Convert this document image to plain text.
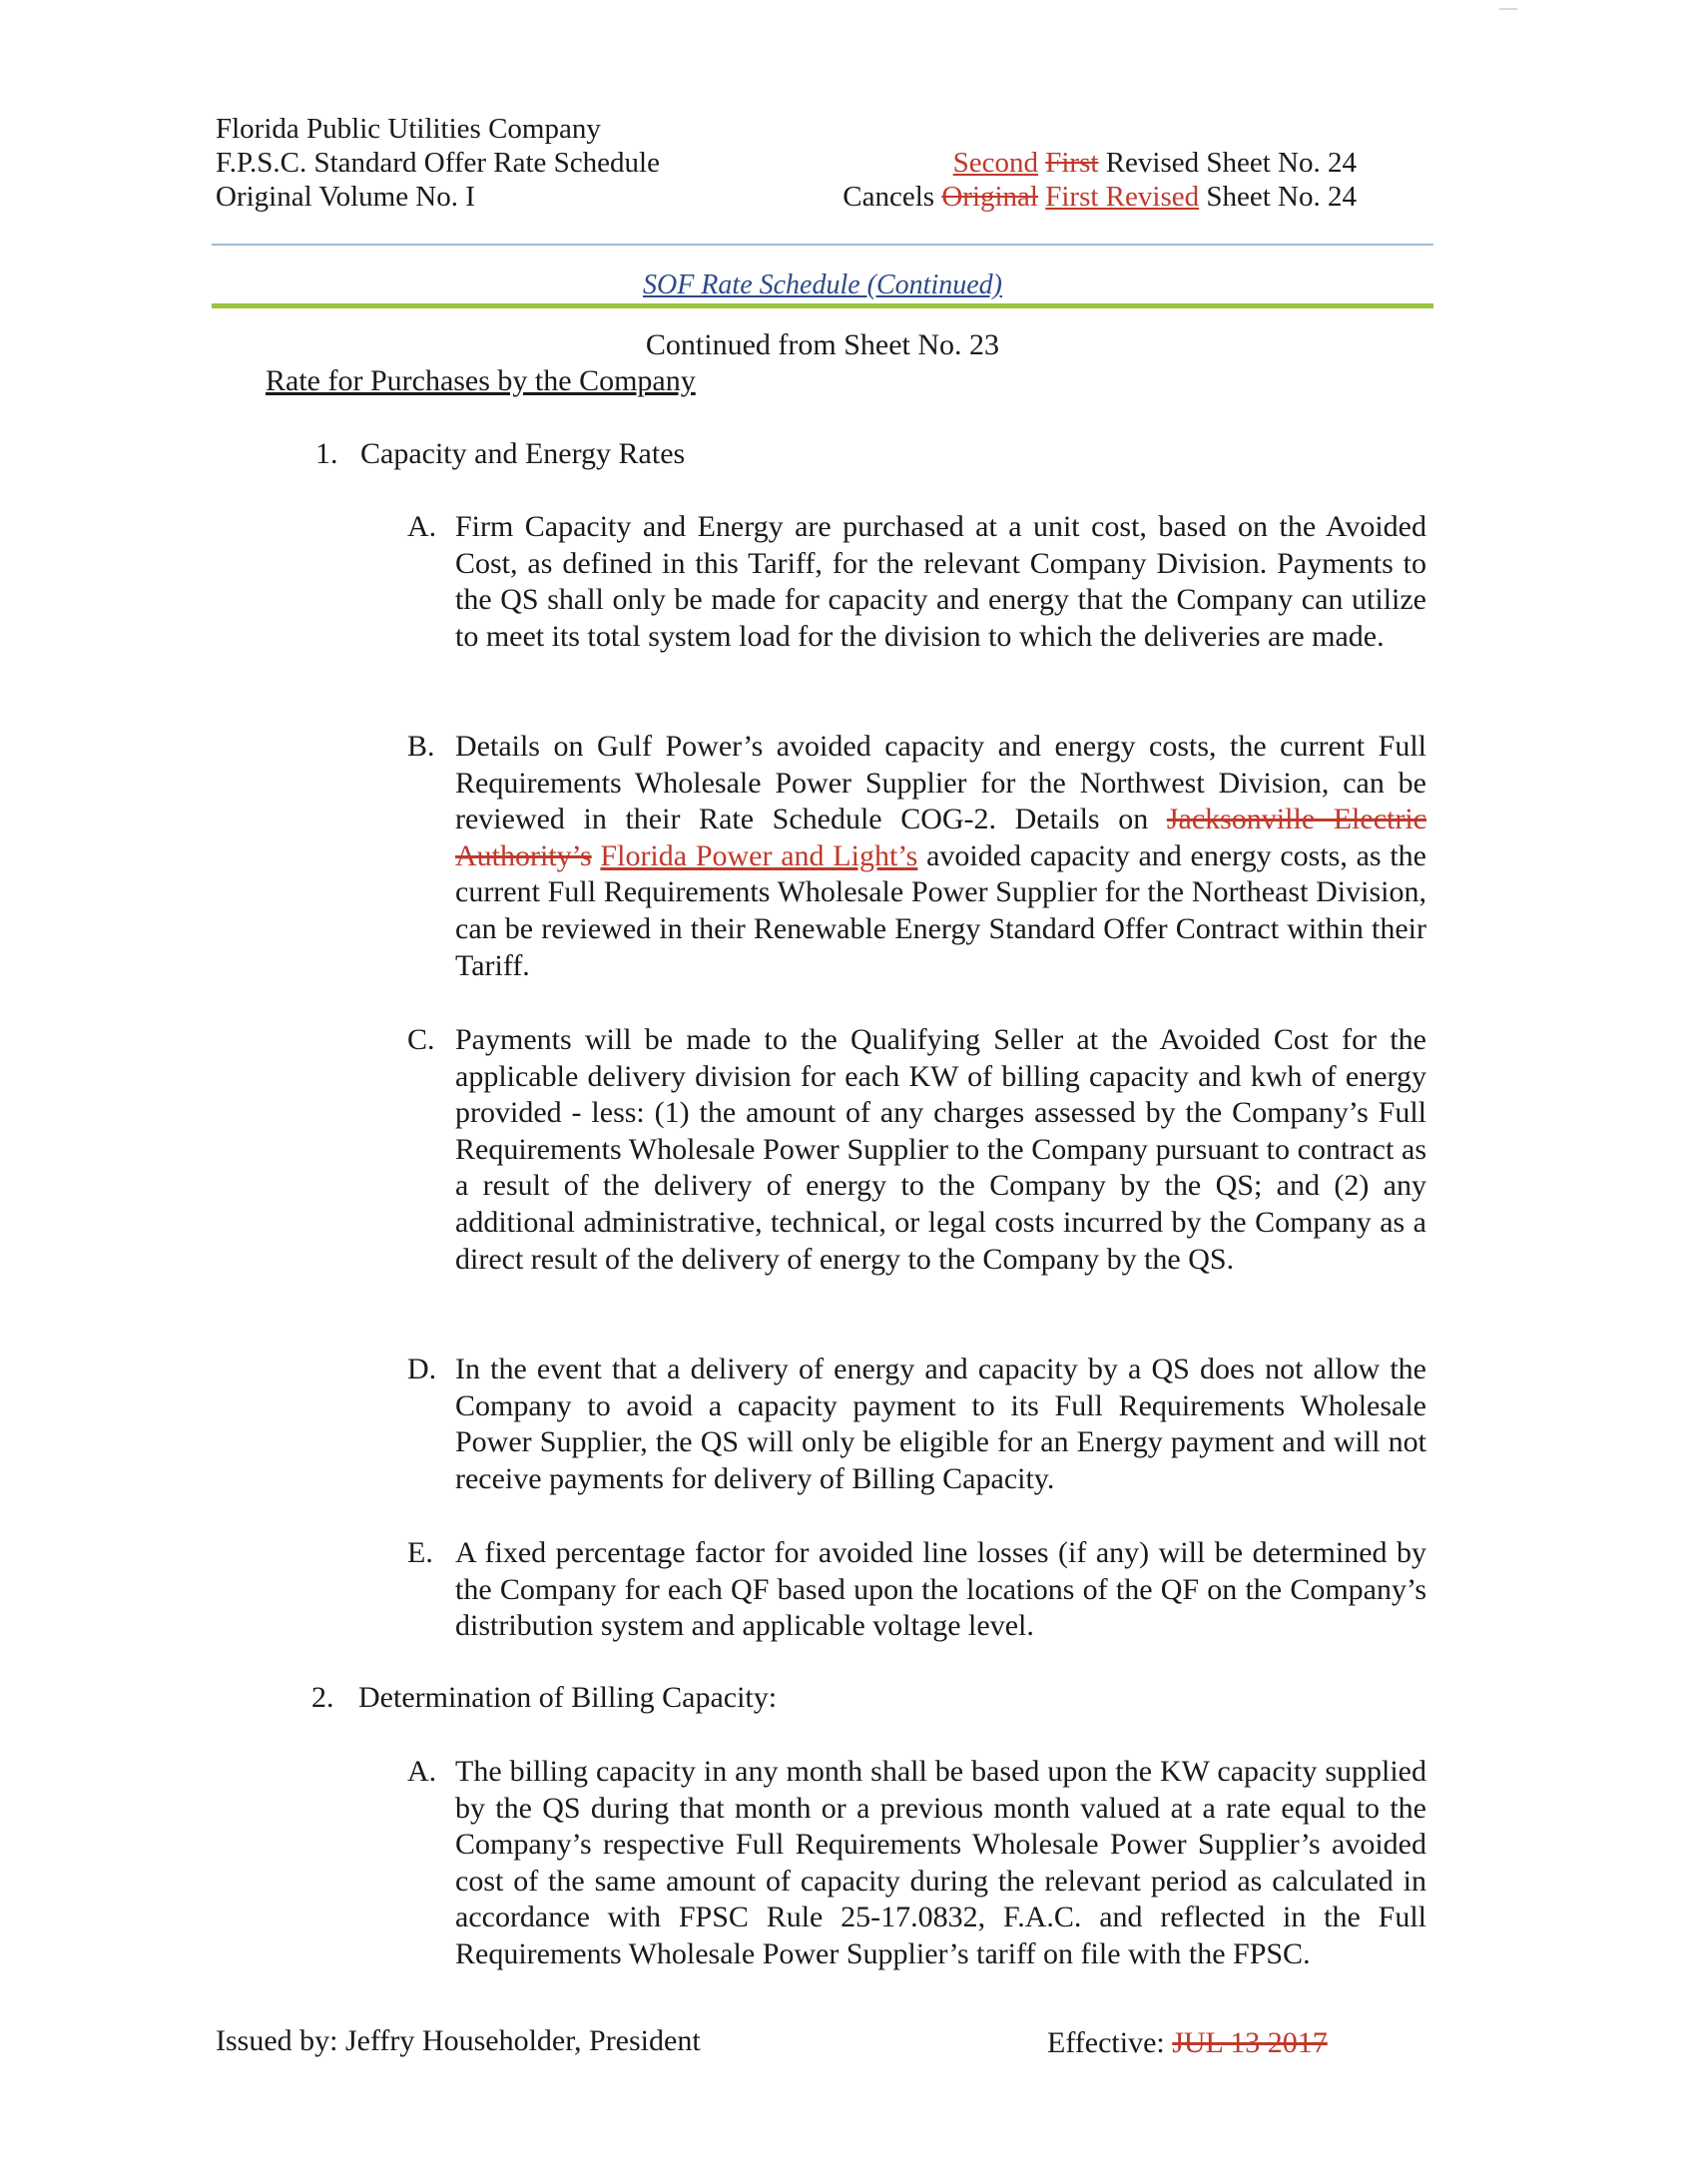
Florida Public Utilities Company
F.P.S.C. Standard Offer Rate Schedule
Original Volume No. I
Second First Revised Sheet No. 24
Cancels Original First Revised Sheet No. 24
SOF Rate Schedule (Continued)
Continued from Sheet No. 23
Rate for Purchases by the Company
1. Capacity and Energy Rates
A. Firm Capacity and Energy are purchased at a unit cost, based on the Avoided Cost, as defined in this Tariff, for the relevant Company Division. Payments to the QS shall only be made for capacity and energy that the Company can utilize to meet its total system load for the division to which the deliveries are made.
B. Details on Gulf Power’s avoided capacity and energy costs, the current Full Requirements Wholesale Power Supplier for the Northwest Division, can be reviewed in their Rate Schedule COG-2. Details on Jacksonville Electric Authority’s Florida Power and Light’s avoided capacity and energy costs, as the current Full Requirements Wholesale Power Supplier for the Northeast Division, can be reviewed in their Renewable Energy Standard Offer Contract within their Tariff.
C. Payments will be made to the Qualifying Seller at the Avoided Cost for the applicable delivery division for each KW of billing capacity and kwh of energy provided - less: (1) the amount of any charges assessed by the Company’s Full Requirements Wholesale Power Supplier to the Company pursuant to contract as a result of the delivery of energy to the Company by the QS; and (2) any additional administrative, technical, or legal costs incurred by the Company as a direct result of the delivery of energy to the Company by the QS.
D. In the event that a delivery of energy and capacity by a QS does not allow the Company to avoid a capacity payment to its Full Requirements Wholesale Power Supplier, the QS will only be eligible for an Energy payment and will not receive payments for delivery of Billing Capacity.
E. A fixed percentage factor for avoided line losses (if any) will be determined by the Company for each QF based upon the locations of the QF on the Company’s distribution system and applicable voltage level.
2. Determination of Billing Capacity:
A. The billing capacity in any month shall be based upon the KW capacity supplied by the QS during that month or a previous month valued at a rate equal to the Company’s respective Full Requirements Wholesale Power Supplier’s avoided cost of the same amount of capacity during the relevant period as calculated in accordance with FPSC Rule 25-17.0832, F.A.C. and reflected in the Full Requirements Wholesale Power Supplier’s tariff on file with the FPSC.
Issued by: Jeffry Householder, President	Effective: JUL 13 2017
